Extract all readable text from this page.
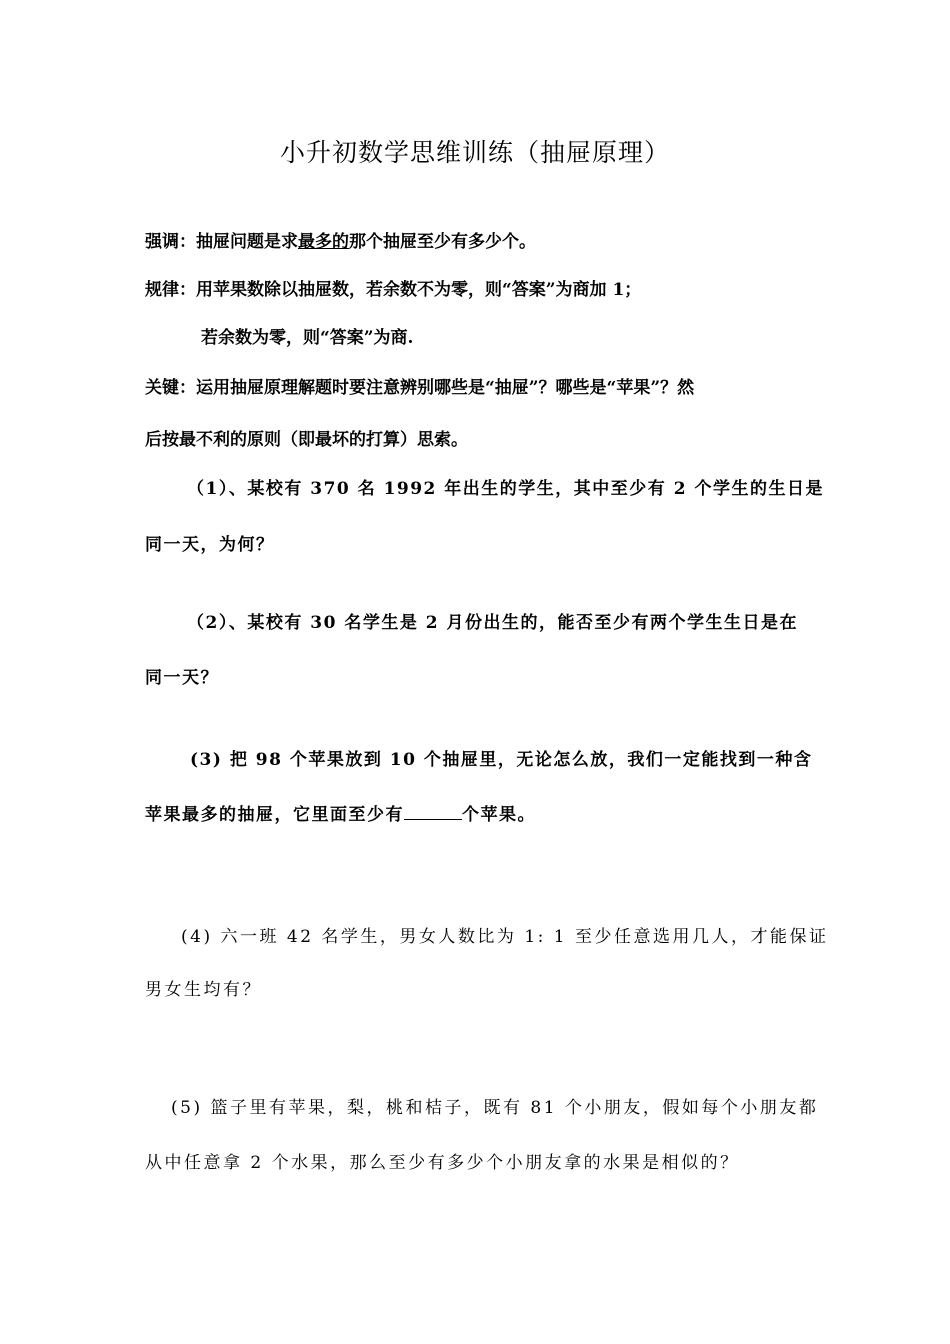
小升初数学思维训练（抽屉原理）
强调：抽屉问题是求最多的那个抽屉至少有多少个。
规律：用苹果数除以抽屉数，若余数不为零，则“答案”为商加 1；
若余数为零，则“答案”为商.
关键：运用抽屉原理解题时要注意辨别哪些是“抽屉”？哪些是“苹果”？然
后按最不利的原则（即最坏的打算）思索。
（1）、某校有 370 名 1992 年出生的学生，其中至少有 2 个学生的生日是
同一天，为何？
（2）、某校有 30 名学生是 2 月份出生的，能否至少有两个学生生日是在
同一天？
(3) 把 98 个苹果放到 10 个抽屉里，无论怎么放，我们一定能找到一种含
苹果最多的抽屉，它里面至少有	个苹果。
(4) 六一班 42 名学生，男女人数比为 1: 1 至少任意选用几人，才能保证
男女生均有？
(5) 篮子里有苹果，梨，桃和桔子，既有 81 个小朋友，假如每个小朋友都
从中任意拿 2 个水果，那么至少有多少个小朋友拿的水果是相似的？
